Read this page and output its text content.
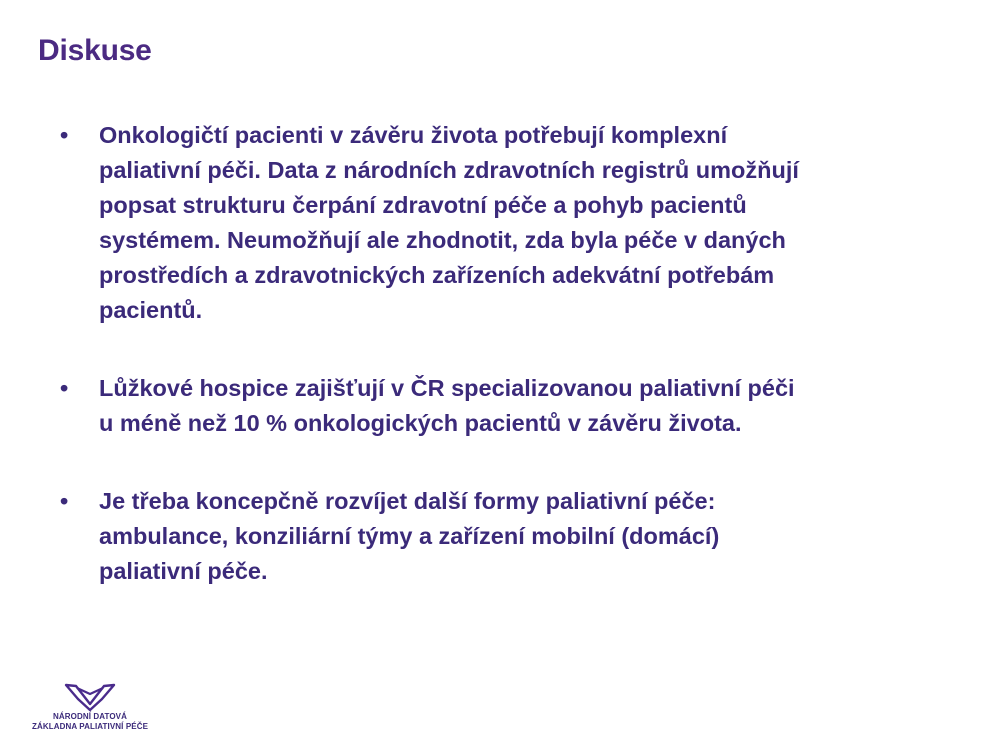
Diskuse
• Onkologičtí pacienti v závěru života potřebují komplexní
paliativní péči. Data z národních zdravotních registrů umožňují
popsat strukturu čerpání zdravotní péče a pohyb pacientů
systémem. Neumožňují ale zhodnotit, zda byla péče v daných
prostředích a zdravotnických zařízeních adekvátní potřebám
pacientů.
• Lůžkové hospice zajišťují v ČR specializovanou paliativní péči
u méně než 10 % onkologických pacientů v závěru života.
• Je třeba koncepčně rozvíjet další formy paliativní péče:
ambulance, konziliární týmy a zařízení mobilní (domácí)
paliativní péče.
NÁRODNÍ DATOVÁ
ZÁKLADNA PALIATIVNÍ PÉČE
